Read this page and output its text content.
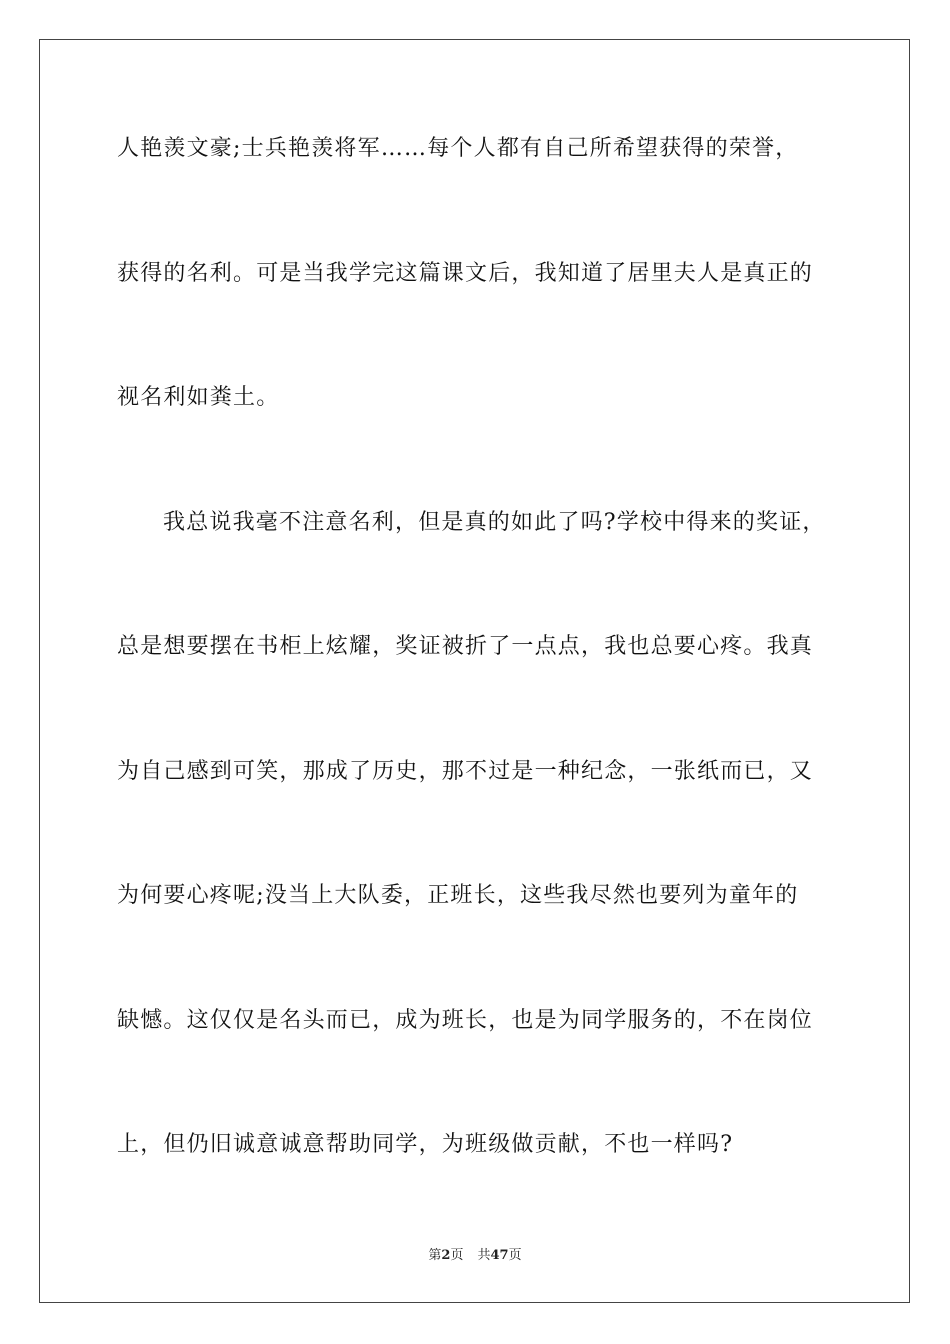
人艳羡文豪;士兵艳羡将军……每个人都有自己所希望获得的荣誉，
获得的名利。可是当我学完这篇课文后，我知道了居里夫人是真正的
视名利如粪土。
我总说我毫不注意名利，但是真的如此了吗?学校中得来的奖证，
总是想要摆在书柜上炫耀，奖证被折了一点点，我也总要心疼。我真
为自己感到可笑，那成了历史，那不过是一种纪念，一张纸而已，又
为何要心疼呢;没当上大队委，正班长，这些我尽然也要列为童年的
缺憾。这仅仅是名头而已，成为班长，也是为同学服务的，不在岗位
上，但仍旧诚意诚意帮助同学，为班级做贡献，不也一样吗?
第2页 共47页
